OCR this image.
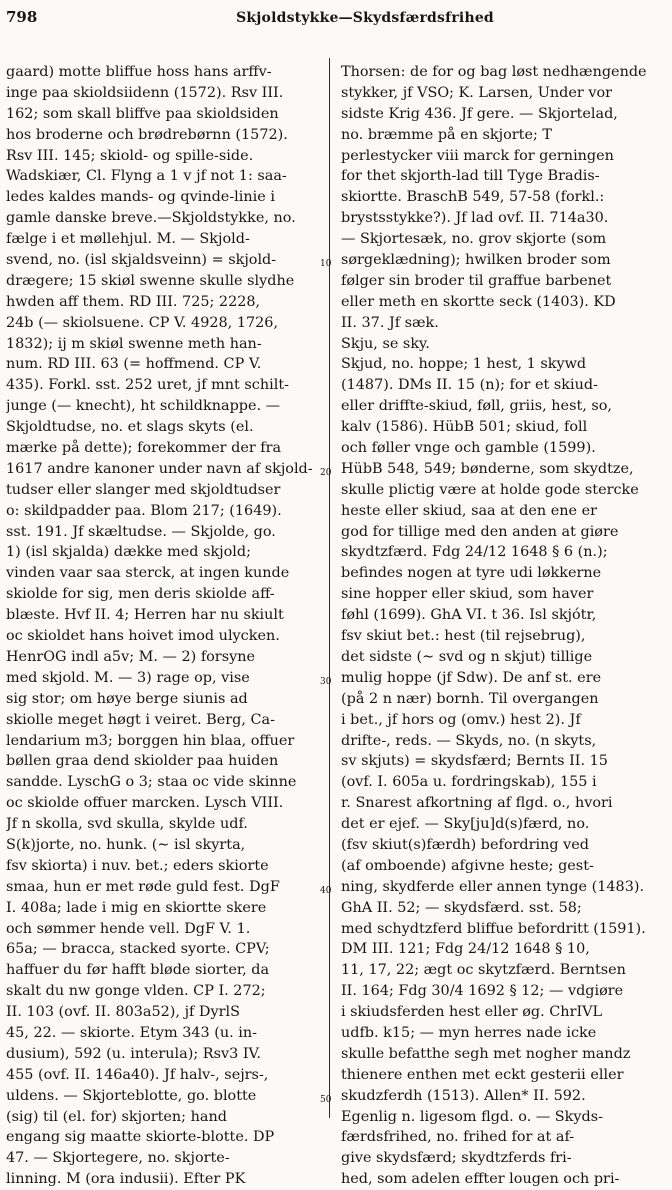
798	Skjoldstykke—Skydsfærdsfrihed
gaard) motte bliffue hoss hans arffv-
inge paa skioldsiidenn (1572). Rsv III.
162; som skall bliffve paa skioldsiden
hos broderne och brødrebørnn (1572).
Rsv III. 145; skiold- og spille-side.
Wadskiær, Cl. Flyng a 1 v jf not 1: saa-
ledes kaldes mands- og qvinde-linie i
gamle danske breve.—Skjoldstykke, no.
fælge i et møllehjul. M. — Skjold-
svend, no. (isl skjaldsveinn) = skjold-
drægere; 15 skiøl swenne skulle slydhe
hwden aff them. RD III. 725; 2228,
24b (— skiolsuene. CP V. 4928, 1726,
1832); ij m skiøl swenne meth han-
num. RD III. 63 (= hoffmend. CP V.
435). Forkl. sst. 252 uret, jf mnt schilt-
junge (— knecht), ht schildknappe. —
Skjoldtudse, no. et slags skyts (el.
mærke på dette); forekommer der fra
1617 andre kanoner under navn af skjold-
tudser eller slanger med skjoldtudser
o: skildpadder paa. Blom 217; (1649).
sst. 191. Jf skæltudse. — Skjolde, go.
1) (isl skjalda) dække med skjold;
vinden vaar saa sterck, at ingen kunde
skiolde for sig, men deris skiolde aff-
blæste. Hvf II. 4; Herren har nu skiult
oc skioldet hans hoivet imod ulycken.
HenrOG indl a5v; M. — 2) forsyne
med skjold. M. — 3) rage op, vise
sig stor; om høye berge siunis ad
skiolle meget høgt i veiret. Berg, Ca-
lendarium m3; borggen hin blaa, offuer
bøllen graa dend skiolder paa huiden
sandde. LyschG o 3; staa oc vide skinne
oc skiolde offuer marcken. Lysch VIII.
Jf n skolla, svd skulla, skylde udf.
S(k)jorte, no. hunk. (∼ isl skyrta,
fsv skiorta) i nuv. bet.; eders skiorte
smaa, hun er met røde guld fest. DgF
I. 408a; lade i mig en skiortte skere
och sømmer hende vell. DgF V. 1.
65a; — bracca, stacked syorte. CPV;
haffuer du før hafft bløde siorter, da
skalt du nw gonge vlden. CP I. 272;
II. 103 (ovf. II. 803a52), jf DyrlS
45, 22. — skiorte. Etym 343 (u. in-
dusium), 592 (u. interula); Rsv3 IV.
455 (ovf. II. 146a40). Jf halv-, sejrs-,
uldens. — Skjorteblotte, go. blotte
(sig) til (el. for) skjorten; hand
engang sig maatte skiorte-blotte. DP
47. — Skjortegere, no. skjorte-
linning. M (ora indusii). Efter PK
10
20
30
40
50
Thorsen: de for og bag løst nedhængende
stykker, jf VSO; K. Larsen, Under vor
sidste Krig 436. Jf gere. — Skjortelad,
no. bræmme på en skjorte; T
perlestycker viii marck for gerningen
for thet skjorth-lad till Tyge Bradis-
skiortte. BraschB 549, 57-58 (forkl.:
brystsstykke?). Jf lad ovf. II. 714a30.
— Skjortesæk, no. grov skjorte (som
sørgeklædning); hwilken broder som
følger sin broder til graffue barbenet
eller meth en skortte seck (1403). KD
II. 37. Jf sæk.
Skju, se sky.
Skjud, no. hoppe; 1 hest, 1 skywd
(1487). DMs II. 15 (n); for et skiud-
eller driffte-skiud, føll, griis, hest, so,
kalv (1586). HübB 501; skiud, foll
och føller vnge och gamble (1599).
HübB 548, 549; bønderne, som skydtze,
skulle plictig være at holde gode stercke
heste eller skiud, saa at den ene er
god for tillige med den anden at giøre
skydtzfærd. Fdg 24/12 1648 § 6 (n.);
befindes nogen at tyre udi løkkerne
sine hopper eller skiud, som haver
føhl (1699). GhA VI. t 36. Isl skjótr,
fsv skiut bet.: hest (til rejsebrug),
det sidste (∼ svd og n skjut) tillige
mulig hoppe (jf Sdw). De anf st. ere
(på 2 n nær) bornh. Til overgangen
i bet., jf hors og (omv.) hest 2). Jf
drifte-, reds. — Skyds, no. (n skyts,
sv skjuts) = skydsfærd; Bernts II. 15
(ovf. I. 605a u. fordringskab), 155 i
r. Snarest afkortning af flgd. o., hvori
det er ejef. — Sky[ju]d(s)færd, no.
(fsv skiut(s)færdh) befordring ved
(af omboende) afgivne heste; gest-
ning, skydferde eller annen tynge (1483).
GhA II. 52; — skydsfærd. sst. 58;
med schydtzferd bliffue befordritt (1591).
DM III. 121; Fdg 24/12 1648 § 10,
11, 17, 22; ægt oc skytzfærd. Berntsen
II. 164; Fdg 30/4 1692 § 12; — vdgiøre
i skiudsferden hest eller øg. ChrIVL
udfb. k15; — myn herres nade icke
skulle befatthe segh met nogher mandz
thienere enthen met eckt gesterii eller
skudzferdh (1513). Allen* II. 592.
Egenlig n. ligesom flgd. o. — Skyds-
færdsfrihed, no. frihed for at af-
give skydsfærd; skydtzferds fri-
hed, som adelen effter lougen och pri-
